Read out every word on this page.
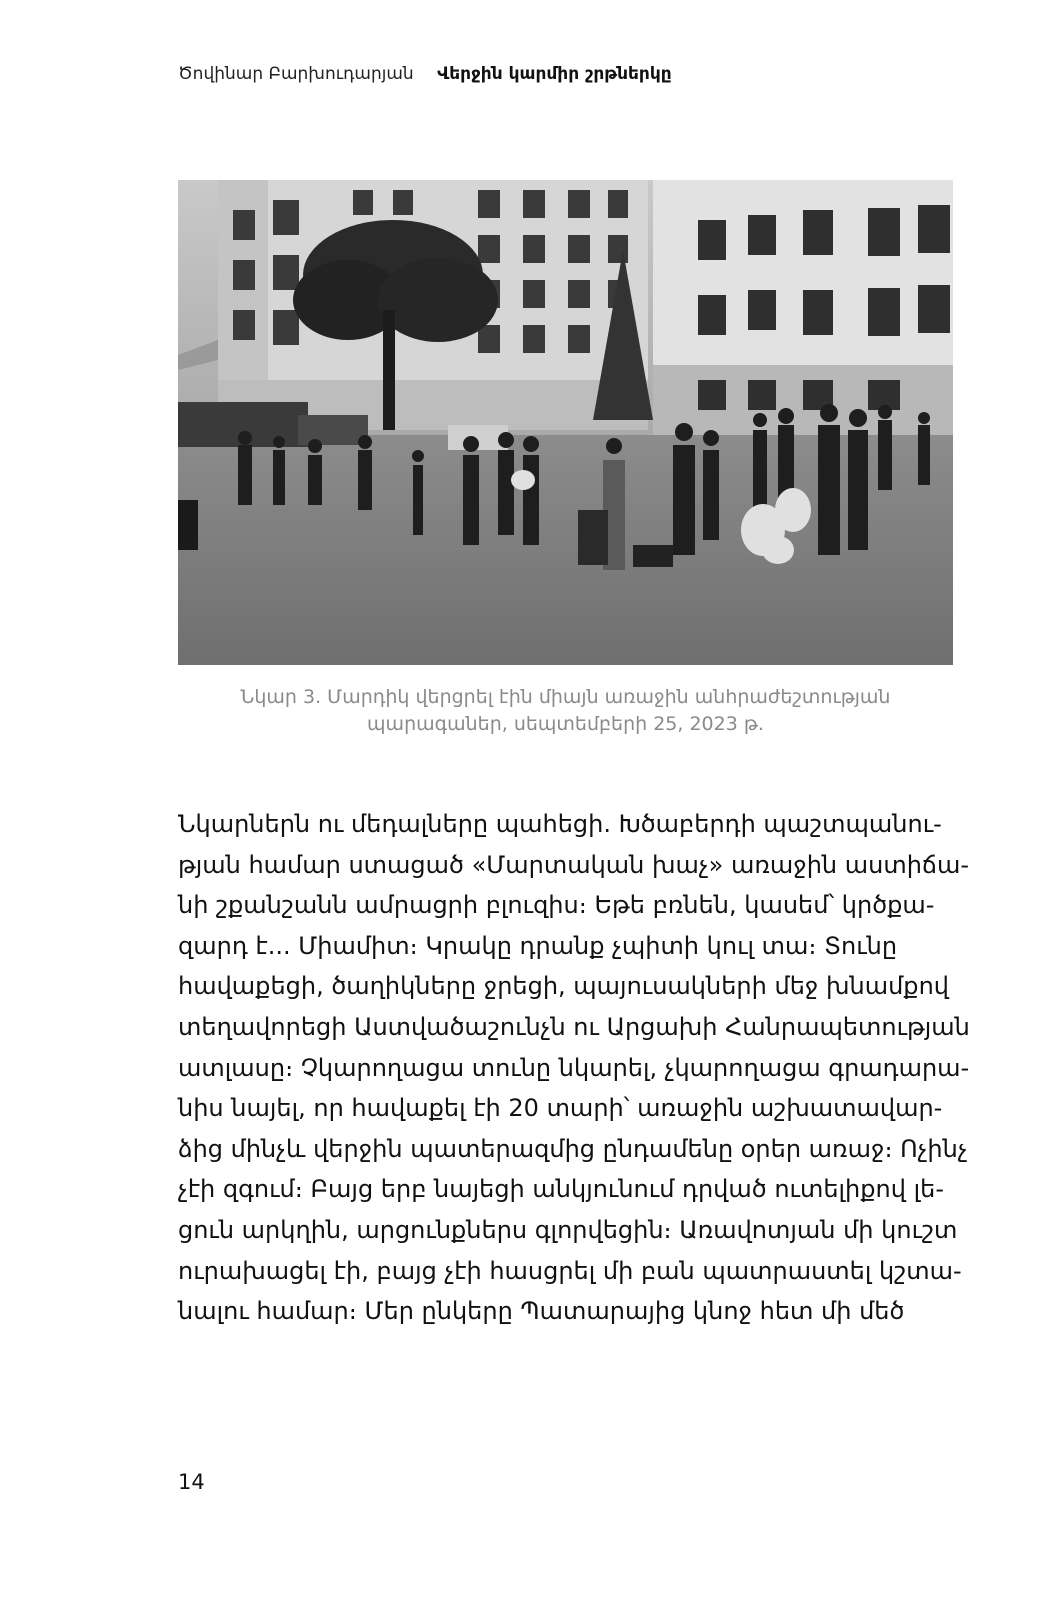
Ծովինար Բարխուդարյան Վերջին կարմիր շրթներկը
Նկար 3. Մարդիկ վերցրել էին միայն առաջին անհրաժեշտության
պարագաներ, սեպտեմբերի 25, 2023 թ.
Նկարներն ու մեդալները պահեցի. Խծաբերդի պաշտպանու-
թյան համար ստացած «Մարտական խաչ» առաջին աստիճա-
նի շքանշանն ամրացրի բլուզիս։ Եթե բռնեն, կասեմ՝ կրծքա-
զարդ է... Միամիտ։ Կրակը դրանք չպիտի կուլ տա։ Տունը
հավաքեցի, ծաղիկները ջրեցի, պայուսակների մեջ խնամքով
տեղավորեցի Աստվածաշունչն ու Արցախի Հանրապետության
ատլասը։ Չկարողացա տունը նկարել, չկարողացա գրադարա-
նիս նայել, որ հավաքել էի 20 տարի՝ առաջին աշխատավար-
ձից մինչև վերջին պատերազմից ընդամենը օրեր առաջ։ Ոչինչ
չէի զգում։ Բայց երբ նայեցի անկյունում դրված ուտելիքով լե-
ցուն արկղին, արցունքներս գլորվեցին։ Առավոտյան մի կուշտ
ուրախացել էի, բայց չէի հասցրել մի բան պատրաստել կշտա-
նալու համար։ Մեր ընկերը Պատարայից կնոջ հետ մի մեծ
14
